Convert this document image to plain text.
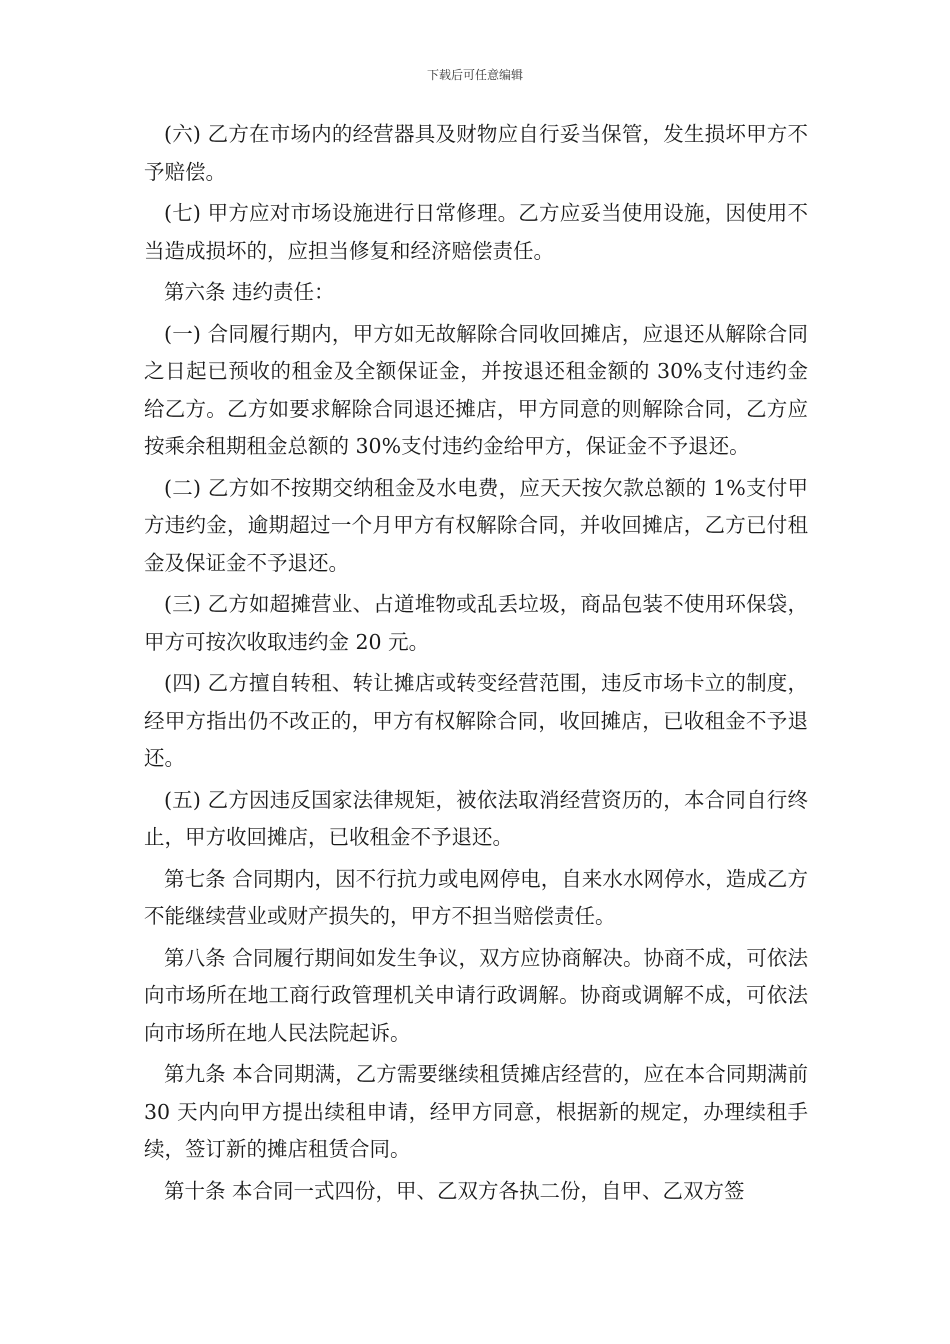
下载后可任意编辑

(六) 乙方在市场内的经营器具及财物应自行妥当保管，发生损坏甲方不予赔偿。

(七) 甲方应对市场设施进行日常修理。乙方应妥当使用设施，因使用不当造成损坏的，应担当修复和经济赔偿责任。

第六条 违约责任：

(一) 合同履行期内，甲方如无故解除合同收回摊店，应退还从解除合同之日起已预收的租金及全额保证金，并按退还租金额的 30%支付违约金给乙方。乙方如要求解除合同退还摊店，甲方同意的则解除合同，乙方应按乘余租期租金总额的 30%支付违约金给甲方，保证金不予退还。

(二) 乙方如不按期交纳租金及水电费，应天天按欠款总额的 1%支付甲方违约金，逾期超过一个月甲方有权解除合同，并收回摊店，乙方已付租金及保证金不予退还。

(三) 乙方如超摊营业、占道堆物或乱丢垃圾，商品包装不使用环保袋，甲方可按次收取违约金 20 元。

(四) 乙方擅自转租、转让摊店或转变经营范围，违反市场卡立的制度，经甲方指出仍不改正的，甲方有权解除合同，收回摊店，已收租金不予退还。

(五) 乙方因违反国家法律规矩，被依法取消经营资历的，本合同自行终止，甲方收回摊店，已收租金不予退还。

第七条 合同期内，因不行抗力或电网停电，自来水水网停水，造成乙方不能继续营业或财产损失的，甲方不担当赔偿责任。

第八条 合同履行期间如发生争议，双方应协商解决。协商不成，可依法向市场所在地工商行政管理机关申请行政调解。协商或调解不成，可依法向市场所在地人民法院起诉。

第九条 本合同期满，乙方需要继续租赁摊店经营的，应在本合同期满前 30 天内向甲方提出续租申请，经甲方同意，根据新的规定，办理续租手续，签订新的摊店租赁合同。

第十条 本合同一式四份，甲、乙双方各执二份，自甲、乙双方签
